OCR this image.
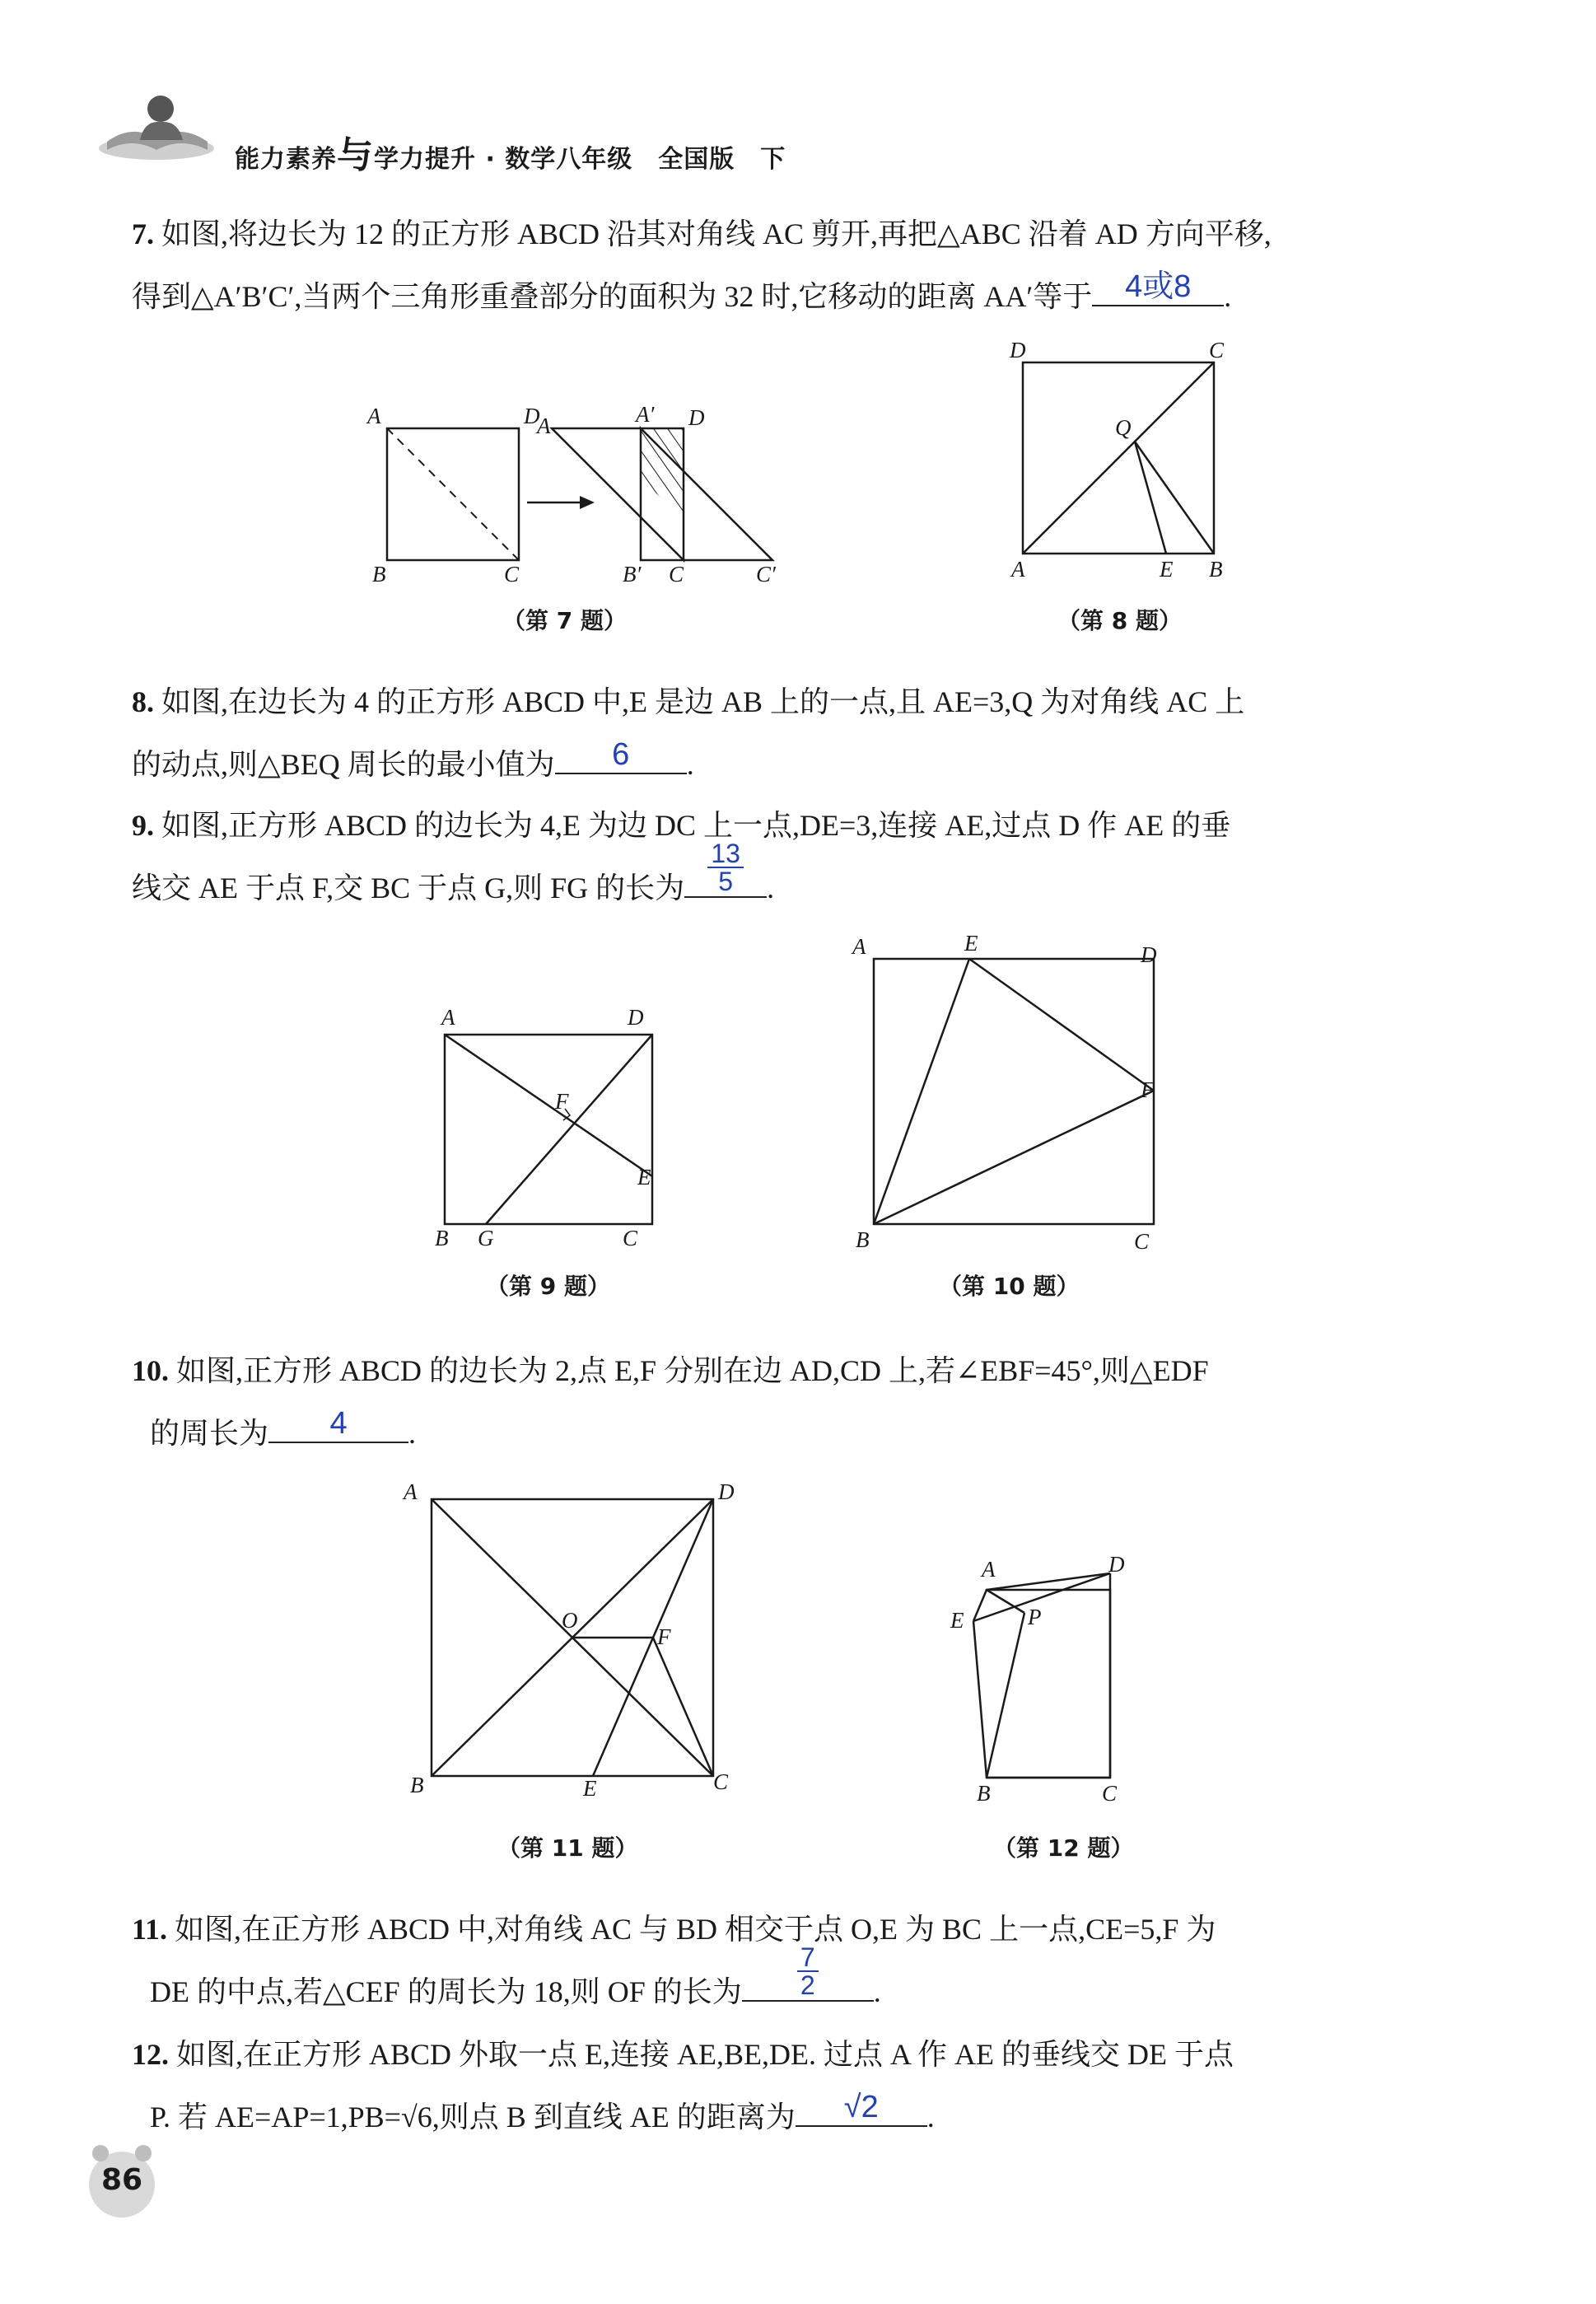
能力素养与学力提升 · 数学八年级　全国版　下
7. 如图,将边长为 12 的正方形 ABCD 沿其对角线 AC 剪开,再把△ABC 沿着 AD 方向平移,
得到△A′B′C′,当两个三角形重叠部分的面积为 32 时,它移动的距离 AA′等于	4或8	.
A	D
B	C
A	A′ D
B′ C	C′
（第 7 题）
D	C
Q
A	E B
（第 8 题）
8. 如图,在边长为 4 的正方形 ABCD 中,E 是边 AB 上的一点,且 AE=3,Q 为对角线 AC 上
的动点,则△BEQ 周长的最小值为	6	.
9. 如图,正方形 ABCD 的边长为 4,E 为边 DC 上一点,DE=3,连接 AE,过点 D 作 AE 的垂
线交 AE 于点 F,交 BC 于点 G,则 FG 的长为 $\frac{13}{5}$ .
A	D
F
E
B G	C
（第 9 题）
A	E	D
F
B	C
（第 10 题）
10. 如图,正方形 ABCD 的边长为 2,点 E,F 分别在边 AD,CD 上,若∠EBF=45°,则△EDF
的周长为	4	.
A	D
O
F
B	E	C
（第 11 题）
A	D
E	P
B	C
（第 12 题）
11. 如图,在正方形 ABCD 中,对角线 AC 与 BD 相交于点 O,E 为 BC 上一点,CE=5,F 为
DE 的中点,若△CEF 的周长为 18,则 OF 的长为 $\frac{7}{2}$ .
12. 如图,在正方形 ABCD 外取一点 E,连接 AE,BE,DE. 过点 A 作 AE 的垂线交 DE 于点
P. 若 AE=AP=1,PB=√6,则点 B 到直线 AE 的距离为	√2	.
86
